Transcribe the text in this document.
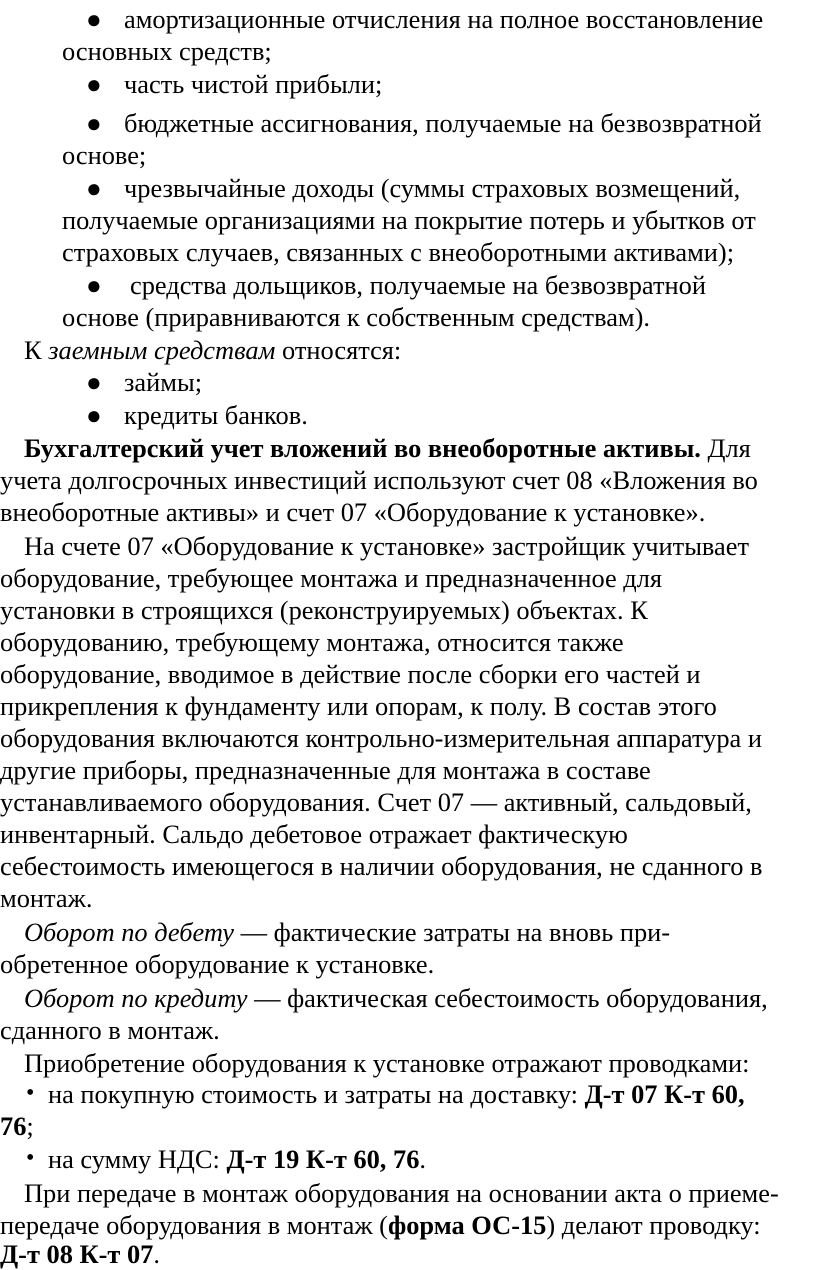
● амортизационные отчисления на полное восстановление
основных средств;
● часть чистой прибыли;
● бюджетные ассигнования, получаемые на безвозвратной
основе;
● чрезвычайные доходы (суммы страховых возмещений,
получаемые организациями на покрытие потерь и убытков от
страховых случаев, связанных с внеоборотными активами);
● средства дольщиков, получаемые на безвозвратной
основе (приравниваются к собственным средствам).
К заемным средствам относятся:
● займы;
● кредиты банков.
Бухгалтерский учет вложений во внеоборотные активы. Для
учета долгосрочных инвестиций используют счет 08 «Вложения во
внеоборотные активы» и счет 07 «Оборудование к установке».
На счете 07 «Оборудование к установке» застройщик учитывает
оборудование, требующее монтажа и предназначенное для
установки в строящихся (реконструируемых) объектах. К
оборудованию, требующему монтажа, относится также
оборудование, вводимое в действие после сборки его частей и
прикрепления к фундаменту или опорам, к полу. В состав этого
оборудования включаются контрольно-измерительная аппаратура и
другие приборы, предназначенные для монтажа в составе
устанавливаемого оборудования. Счет 07 — активный, сальдовый,
инвентарный. Сальдо дебетовое отражает фактическую
себестоимость имеющегося в наличии оборудования, не сданного в
монтаж.
Оборот по дебету — фактические затраты на вновь при-
обретенное оборудование к установке.
Оборот по кредиту — фактическая себестоимость оборудования,
сданного в монтаж.
Приобретение оборудования к установке отражают проводками:
• на покупную стоимость и затраты на доставку: Д-т 07 К-т 60,
76;
• на сумму НДС: Д-т 19 К-т 60, 76.
При передаче в монтаж оборудования на основании акта о приеме-
передаче оборудования в монтаж (форма ОС-15) делают проводку:
Д-т 08 К-т 07.
